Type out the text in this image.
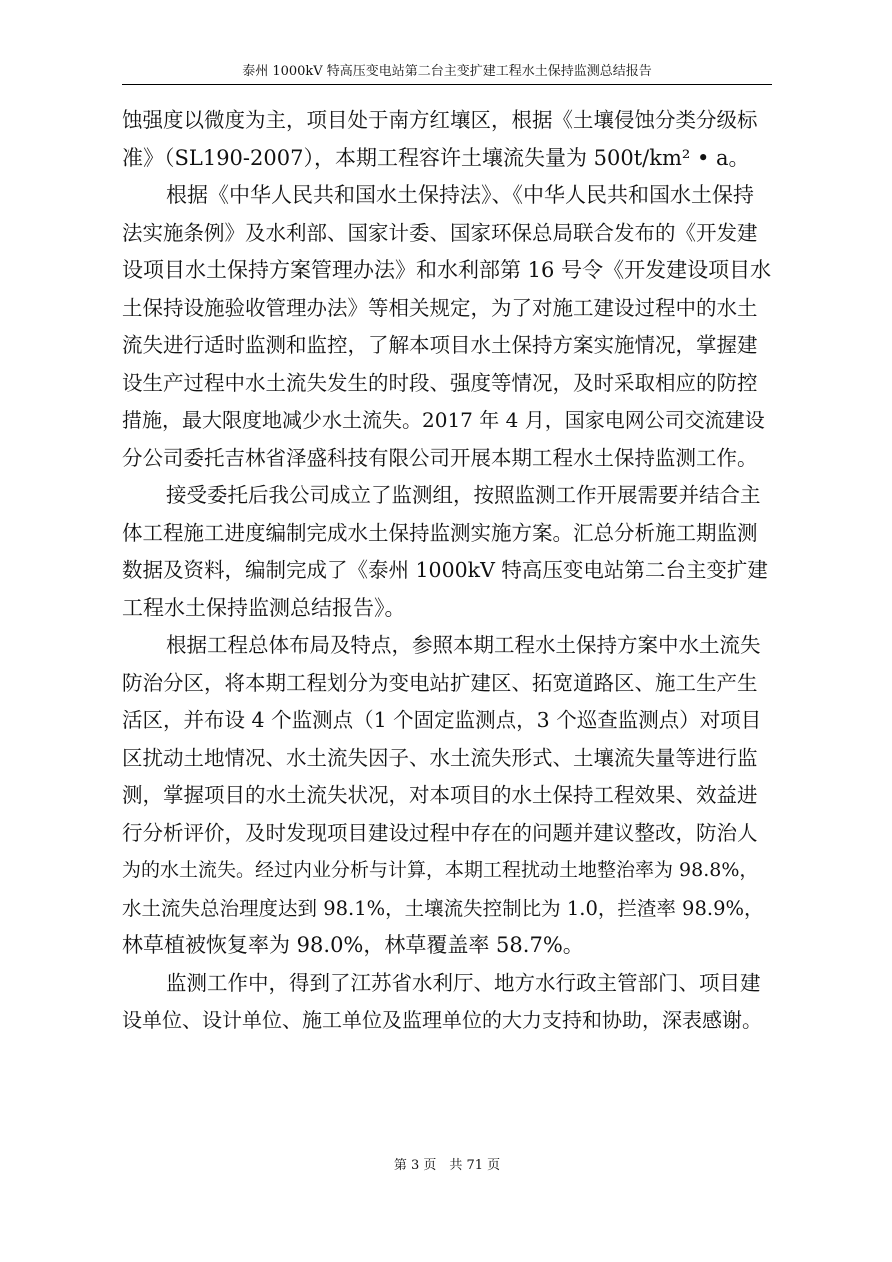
泰州 1000kV 特高压变电站第二台主变扩建工程水土保持监测总结报告
蚀强度以微度为主，项目处于南方红壤区，根据《土壤侵蚀分类分级标
准》（SL190-2007），本期工程容许土壤流失量为 500t/km² • a。
根据《中华人民共和国水土保持法》、《中华人民共和国水土保持
法实施条例》及水利部、国家计委、国家环保总局联合发布的《开发建
设项目水土保持方案管理办法》和水利部第 16 号令《开发建设项目水
土保持设施验收管理办法》等相关规定，为了对施工建设过程中的水土
流失进行适时监测和监控，了解本项目水土保持方案实施情况，掌握建
设生产过程中水土流失发生的时段、强度等情况，及时采取相应的防控
措施，最大限度地减少水土流失。2017 年 4 月，国家电网公司交流建设
分公司委托吉林省泽盛科技有限公司开展本期工程水土保持监测工作。
接受委托后我公司成立了监测组，按照监测工作开展需要并结合主
体工程施工进度编制完成水土保持监测实施方案。汇总分析施工期监测
数据及资料，编制完成了《泰州 1000kV 特高压变电站第二台主变扩建
工程水土保持监测总结报告》。
根据工程总体布局及特点，参照本期工程水土保持方案中水土流失
防治分区，将本期工程划分为变电站扩建区、拓宽道路区、施工生产生
活区，并布设 4 个监测点（1 个固定监测点，3 个巡查监测点）对项目
区扰动土地情况、水土流失因子、水土流失形式、土壤流失量等进行监
测，掌握项目的水土流失状况，对本项目的水土保持工程效果、效益进
行分析评价，及时发现项目建设过程中存在的问题并建议整改，防治人
为的水土流失。经过内业分析与计算，本期工程扰动土地整治率为 98.8%，
水土流失总治理度达到 98.1%，土壤流失控制比为 1.0，拦渣率 98.9%，
林草植被恢复率为 98.0%，林草覆盖率 58.7%。
监测工作中，得到了江苏省水利厅、地方水行政主管部门、项目建
设单位、设计单位、施工单位及监理单位的大力支持和协助，深表感谢。
第 3 页　共 71 页
